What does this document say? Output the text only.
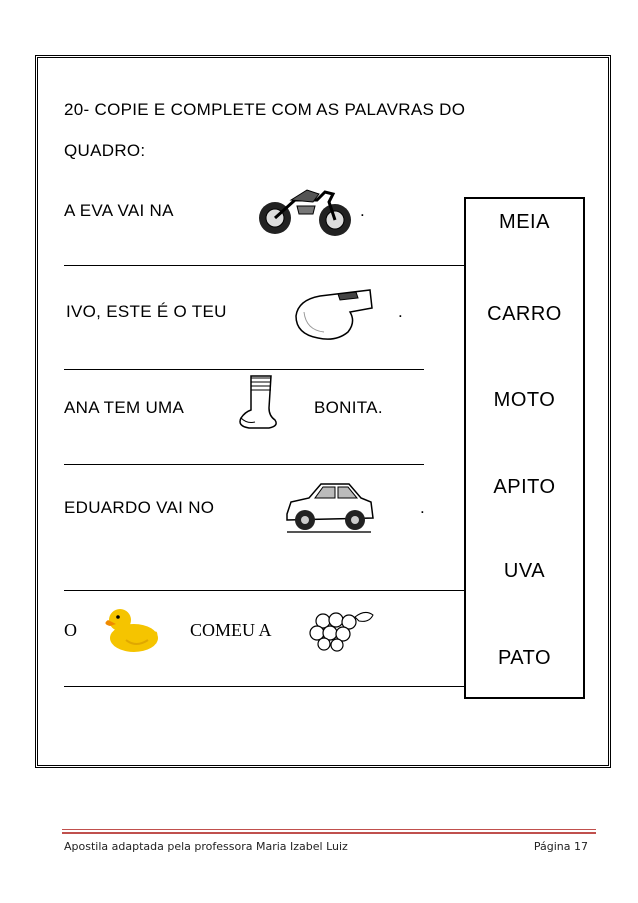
20- COPIE E COMPLETE COM AS PALAVRAS DO
QUADRO:
A EVA VAI NA	.
IVO, ESTE É O TEU	.
ANA TEM UMA	BONITA.
EDUARDO VAI NO	.
O	COMEU A
MEIA
CARRO
MOTO
APITO
UVA
PATO
Apostila adaptada pela professora Maria Izabel Luiz	Página 17
